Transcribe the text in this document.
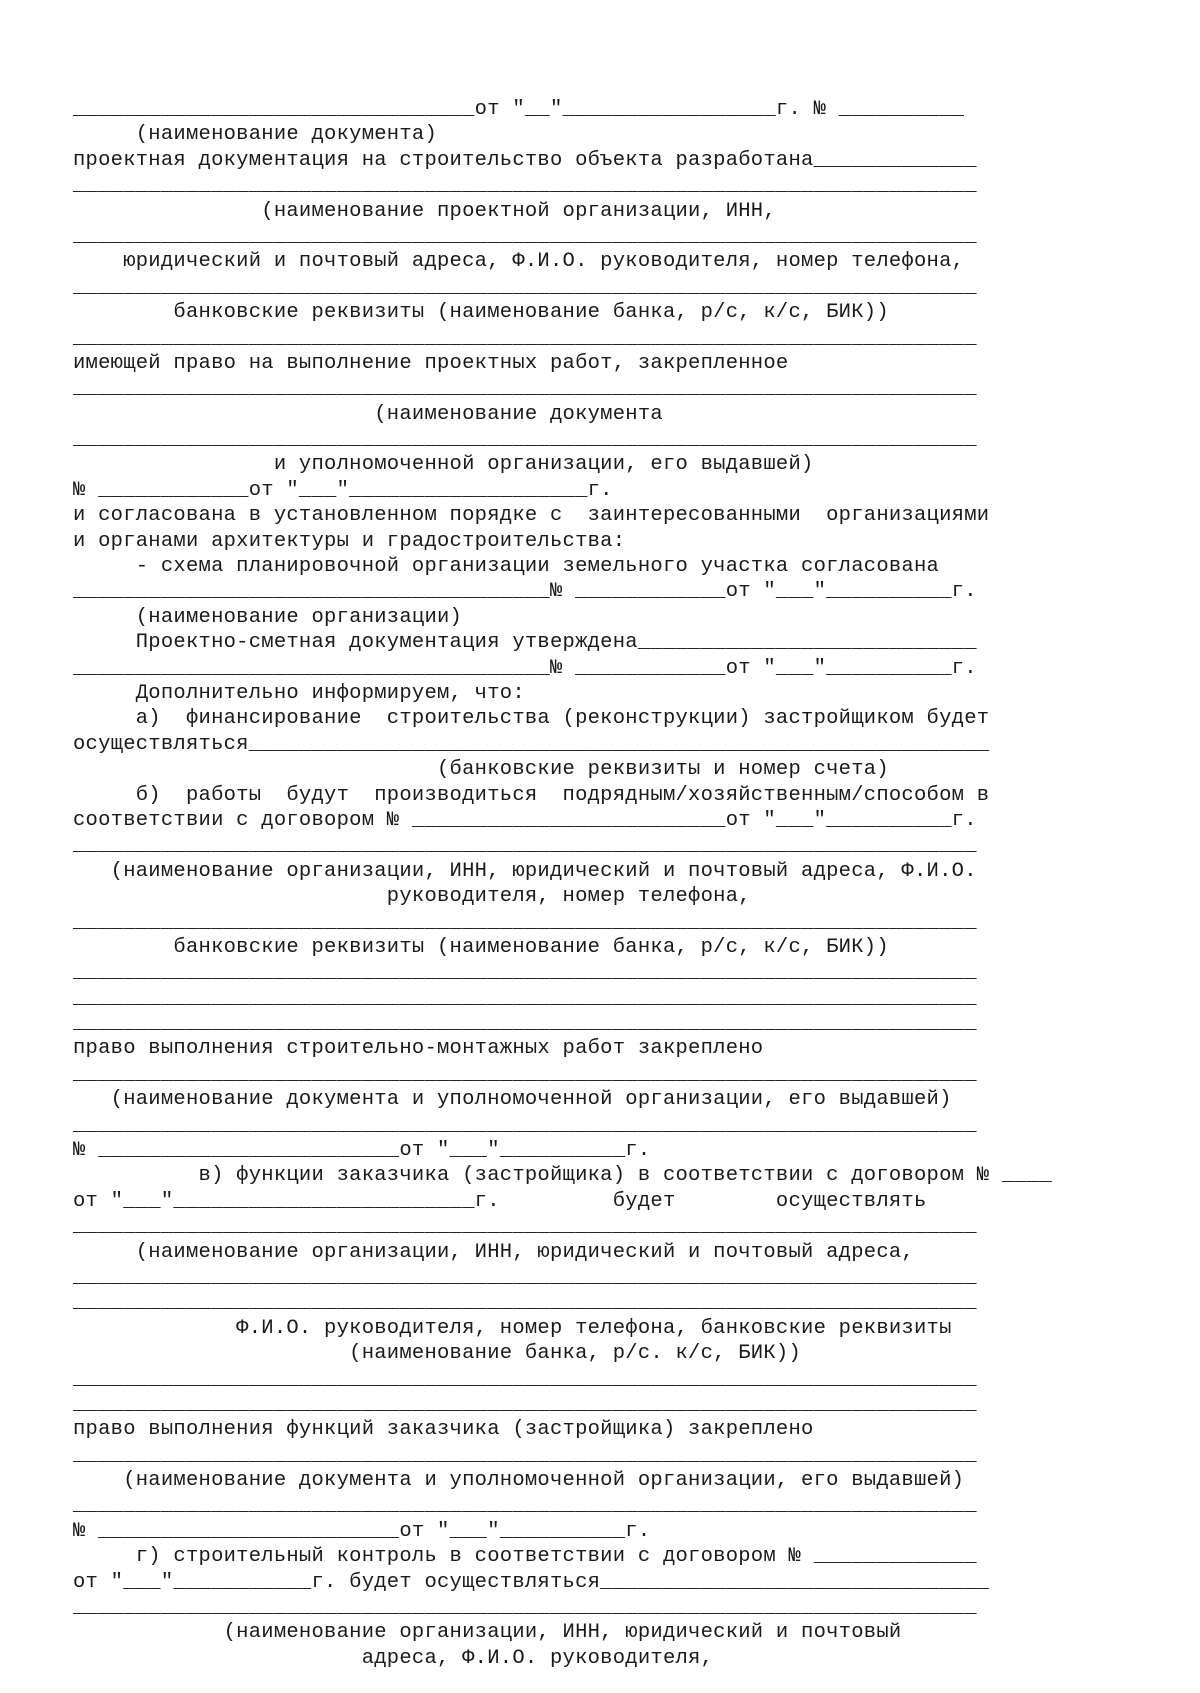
________________________________от "__"_________________г. № __________
(наименование документа)
проектная документация на строительство объекта разработана_____________
________________________________________________________________________
(наименование проектной организации, ИНН,
________________________________________________________________________
юридический и почтовый адреса, Ф.И.О. руководителя, номер телефона,
________________________________________________________________________
банковские реквизиты (наименование банка, р/с, к/с, БИК))
________________________________________________________________________
имеющей право на выполнение проектных работ, закрепленное
________________________________________________________________________
(наименование документа
________________________________________________________________________
и уполномоченной организации, его выдавшей)
№ ____________от "___"___________________г.
и согласована в установленном порядке с  заинтересованными  организациями
и органами архитектуры и градостроительства:
- схема планировочной организации земельного участка согласована
______________________________________№ ____________от "___"__________г.
(наименование организации)
Проектно-сметная документация утверждена___________________________
______________________________________№ ____________от "___"__________г.
Дополнительно информируем, что:
а)  финансирование  строительства (реконструкции) застройщиком будет
осуществляться___________________________________________________________
(банковские реквизиты и номер счета)
б)  работы  будут  производиться  подрядным/хозяйственным/способом в
соответствии с договором № _________________________от "___"__________г.
________________________________________________________________________
(наименование организации, ИНН, юридический и почтовый адреса, Ф.И.О.
руководителя, номер телефона,
________________________________________________________________________
банковские реквизиты (наименование банка, р/с, к/с, БИК))
________________________________________________________________________
________________________________________________________________________
________________________________________________________________________
право выполнения строительно-монтажных работ закреплено
________________________________________________________________________
(наименование документа и уполномоченной организации, его выдавшей)
________________________________________________________________________
№ ________________________от "___"__________г.
в) функции заказчика (застройщика) в соответствии с договором № ____
от "___"________________________г.         будет        осуществлять
________________________________________________________________________
(наименование организации, ИНН, юридический и почтовый адреса,
________________________________________________________________________
________________________________________________________________________
Ф.И.О. руководителя, номер телефона, банковские реквизиты
(наименование банка, р/с. к/с, БИК))
________________________________________________________________________
________________________________________________________________________
право выполнения функций заказчика (застройщика) закреплено
________________________________________________________________________
(наименование документа и уполномоченной организации, его выдавшей)
________________________________________________________________________
№ ________________________от "___"__________г.
г) строительный контроль в соответствии с договором № _____________
от "___"___________г. будет осуществляться_______________________________
________________________________________________________________________
(наименование организации, ИНН, юридический и почтовый
адреса, Ф.И.О. руководителя,
